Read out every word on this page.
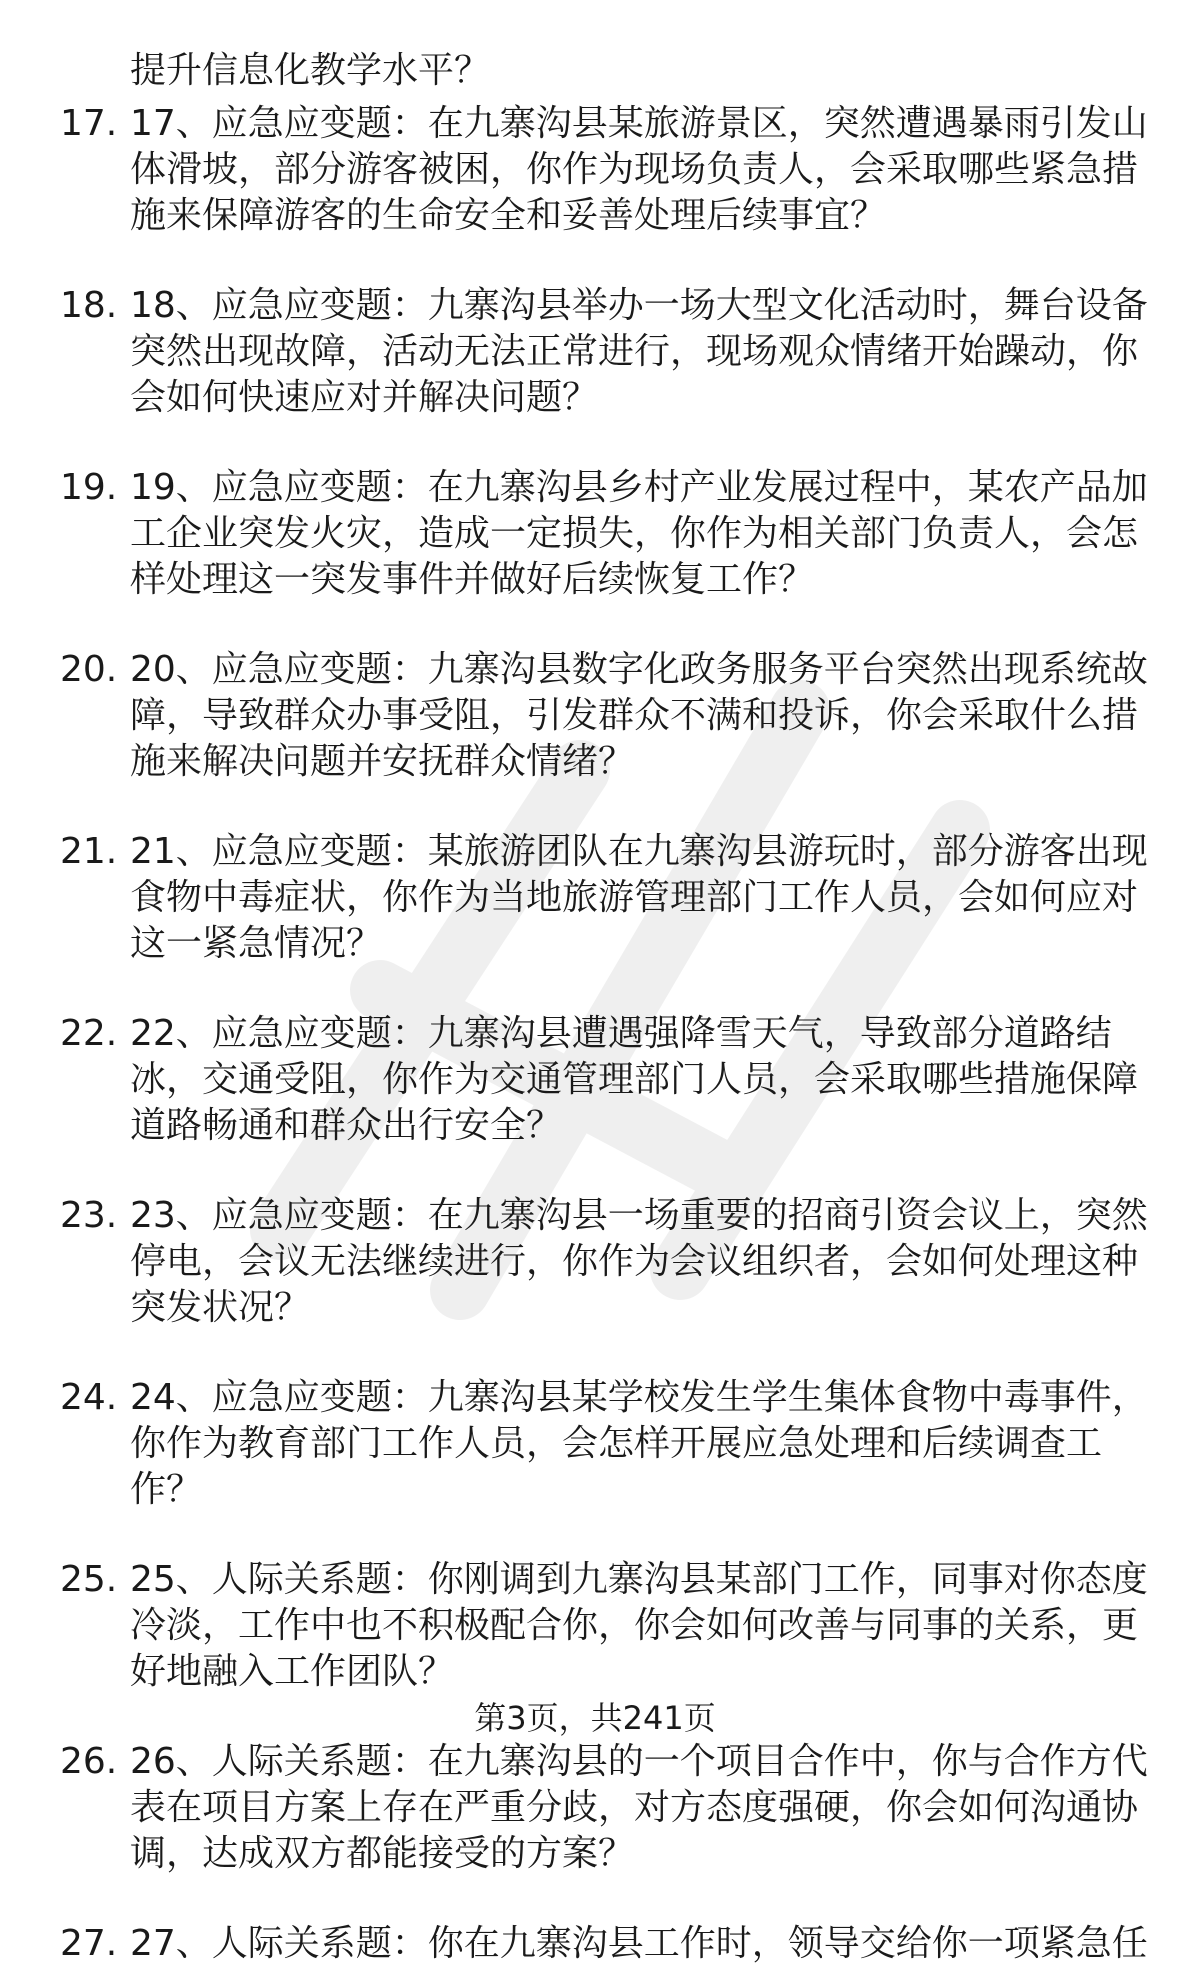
提升信息化教学水平？
17. 17、应急应变题：在九寨沟县某旅游景区，突然遭遇暴雨引发山
体滑坡，部分游客被困，你作为现场负责人，会采取哪些紧急措
施来保障游客的生命安全和妥善处理后续事宜？
18. 18、应急应变题：九寨沟县举办一场大型文化活动时，舞台设备
突然出现故障，活动无法正常进行，现场观众情绪开始躁动，你
会如何快速应对并解决问题？
19. 19、应急应变题：在九寨沟县乡村产业发展过程中，某农产品加
工企业突发火灾，造成一定损失，你作为相关部门负责人，会怎
样处理这一突发事件并做好后续恢复工作？
20. 20、应急应变题：九寨沟县数字化政务服务平台突然出现系统故
障，导致群众办事受阻，引发群众不满和投诉，你会采取什么措
施来解决问题并安抚群众情绪？
21. 21、应急应变题：某旅游团队在九寨沟县游玩时，部分游客出现
食物中毒症状，你作为当地旅游管理部门工作人员，会如何应对
这一紧急情况？
22. 22、应急应变题：九寨沟县遭遇强降雪天气，导致部分道路结
冰，交通受阻，你作为交通管理部门人员，会采取哪些措施保障
道路畅通和群众出行安全？
23. 23、应急应变题：在九寨沟县一场重要的招商引资会议上，突然
停电，会议无法继续进行，你作为会议组织者，会如何处理这种
突发状况？
24. 24、应急应变题：九寨沟县某学校发生学生集体食物中毒事件，
你作为教育部门工作人员，会怎样开展应急处理和后续调查工
作？
25. 25、人际关系题：你刚调到九寨沟县某部门工作，同事对你态度
冷淡，工作中也不积极配合你，你会如何改善与同事的关系，更
好地融入工作团队？
26. 26、人际关系题：在九寨沟县的一个项目合作中，你与合作方代
表在项目方案上存在严重分歧，对方态度强硬，你会如何沟通协
调，达成双方都能接受的方案？
27. 27、人际关系题：你在九寨沟县工作时，领导交给你一项紧急任
第3页，共241页
